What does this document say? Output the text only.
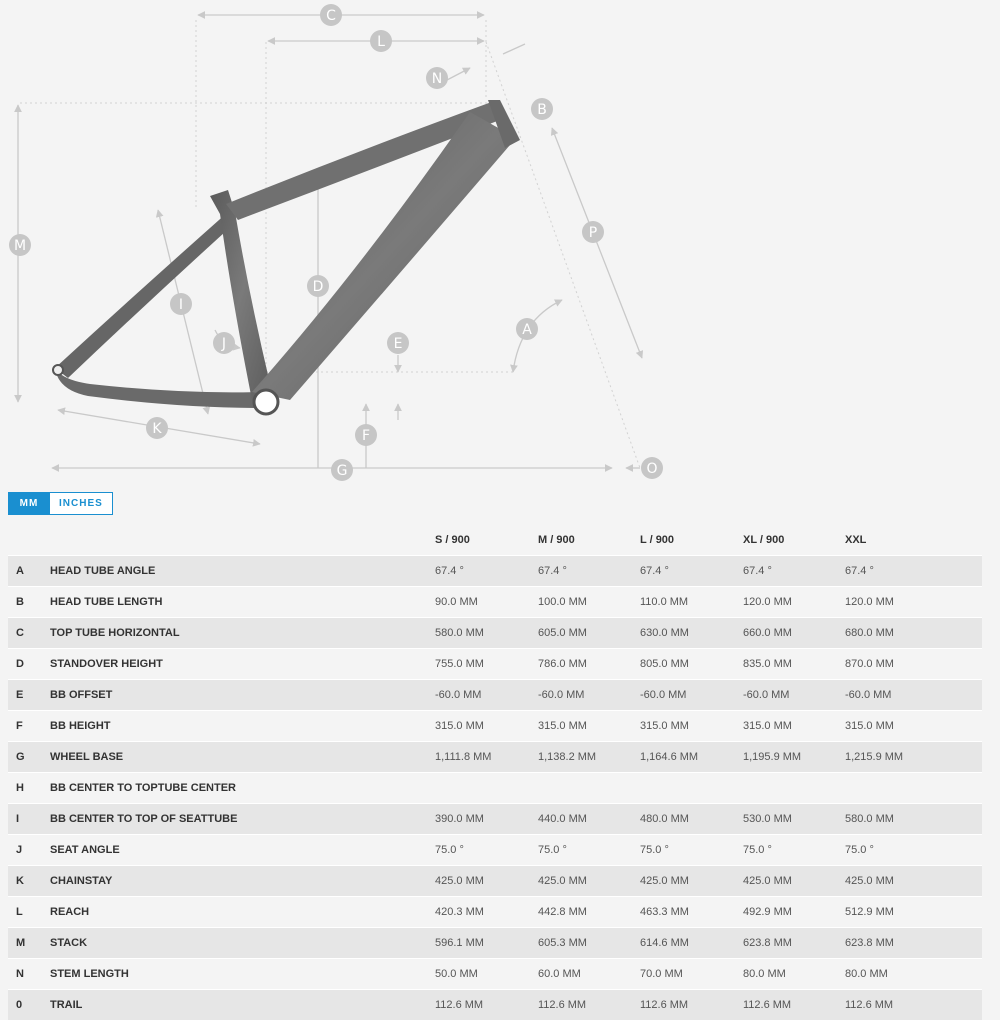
C
L
N
B
M
P
D
I
A
J	E
K	F
G	O
MM	INCHES
S / 900	M / 900	L / 900	XL / 900	XXL
A HEAD TUBE ANGLE	67.4 °	67.4 °	67.4 °	67.4 °	67.4 °
B HEAD TUBE LENGTH	90.0 MM	100.0 MM	110.0 MM	120.0 MM	120.0 MM
C TOP TUBE HORIZONTAL	580.0 MM	605.0 MM	630.0 MM	660.0 MM	680.0 MM
D STANDOVER HEIGHT	755.0 MM	786.0 MM	805.0 MM	835.0 MM	870.0 MM
E BB OFFSET	-60.0 MM	-60.0 MM	-60.0 MM	-60.0 MM	-60.0 MM
F BB HEIGHT	315.0 MM	315.0 MM	315.0 MM	315.0 MM	315.0 MM
G WHEEL BASE	1,111.8 MM	1,138.2 MM	1,164.6 MM	1,195.9 MM	1,215.9 MM
H BB CENTER TO TOPTUBE CENTER
I	BB CENTER TO TOP OF SEATTUBE	390.0 MM	440.0 MM	480.0 MM	530.0 MM	580.0 MM
J	SEAT ANGLE	75.0 °	75.0 °	75.0 °	75.0 °	75.0 °
K CHAINSTAY	425.0 MM	425.0 MM	425.0 MM	425.0 MM	425.0 MM
L REACH	420.3 MM	442.8 MM	463.3 MM	492.9 MM	512.9 MM
M STACK	596.1 MM	605.3 MM	614.6 MM	623.8 MM	623.8 MM
N STEM LENGTH	50.0 MM	60.0 MM	70.0 MM	80.0 MM	80.0 MM
0	TRAIL	112.6 MM	112.6 MM	112.6 MM	112.6 MM	112.6 MM
